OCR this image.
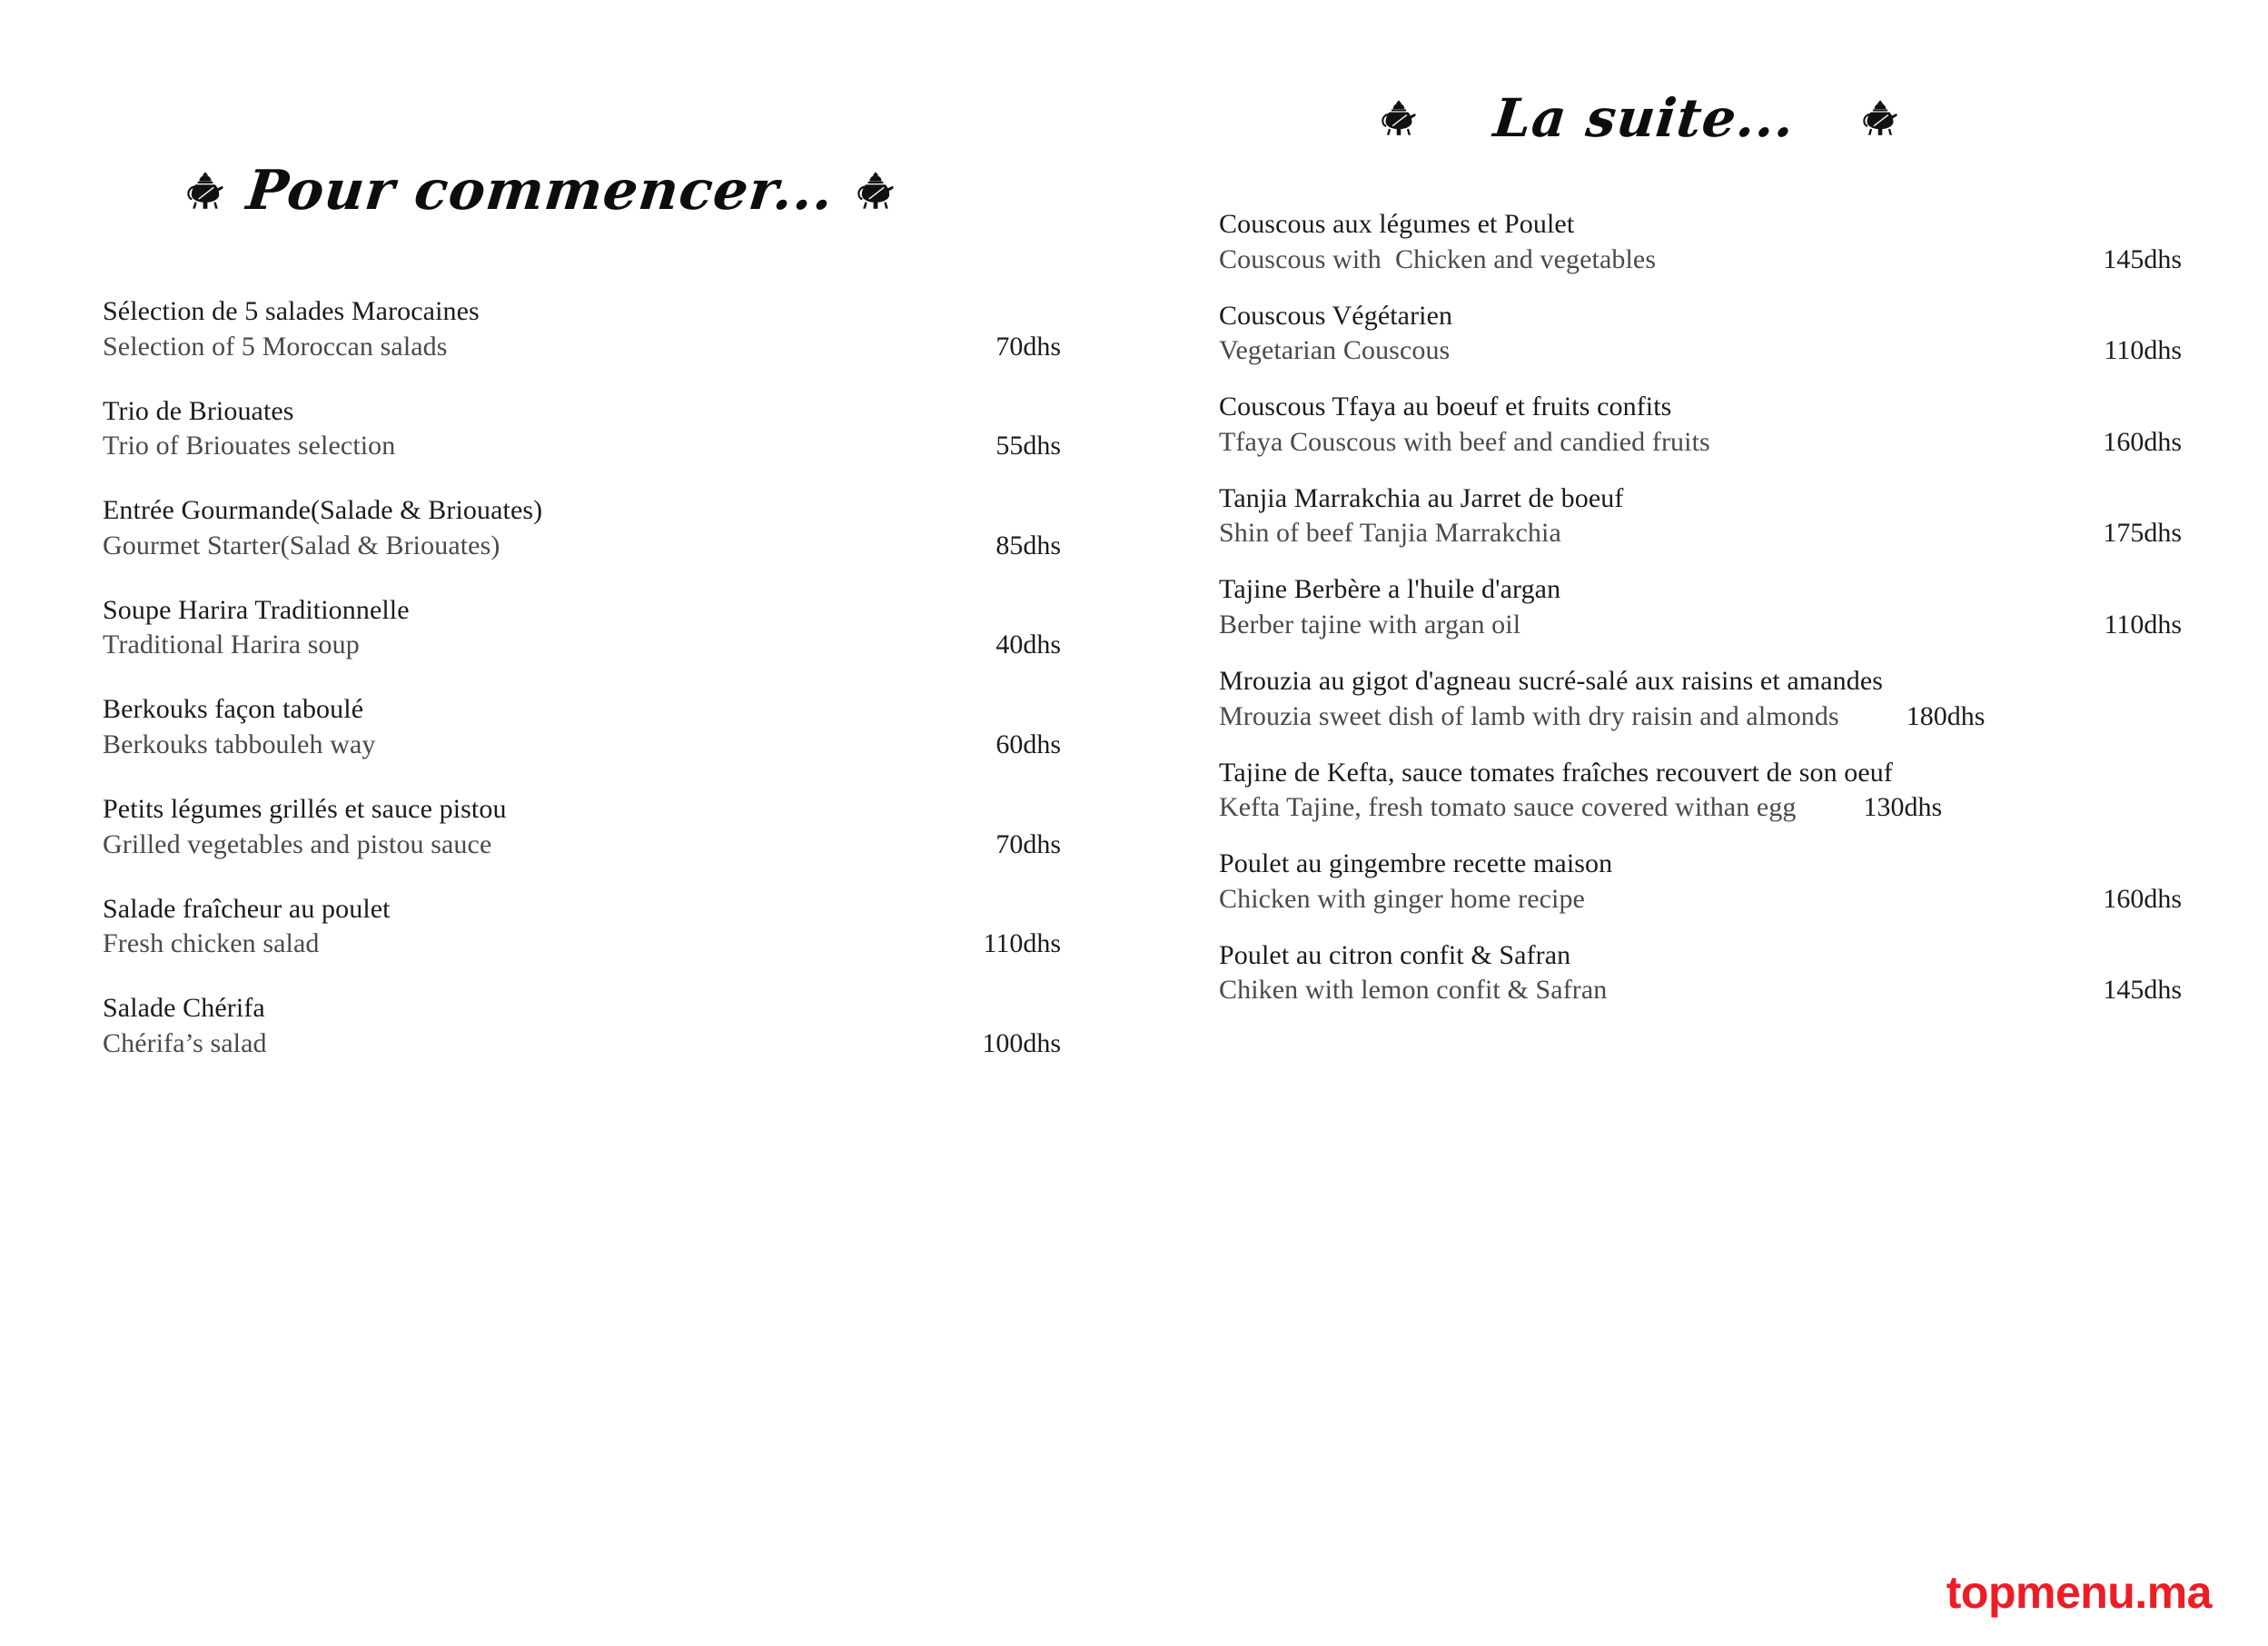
Pour commencer...
Sélection de 5 salades Marocaines
Selection of 5 Moroccan salads	70dhs
Trio de Briouates
Trio of Briouates selection	55dhs
Entrée Gourmande(Salade & Briouates)
Gourmet Starter(Salad & Briouates)	85dhs
Soupe Harira Traditionnelle
Traditional Harira soup	40dhs
Berkouks façon taboulé
Berkouks tabbouleh way	60dhs
Petits légumes grillés et sauce pistou
Grilled vegetables and pistou sauce	70dhs
Salade fraîcheur au poulet
Fresh chicken salad	110dhs
Salade Chérifa
Chérifa’s salad	100dhs
La suite...
Couscous aux légumes et Poulet
Couscous with  Chicken and vegetables	145dhs
Couscous Végétarien
Vegetarian Couscous	110dhs
Couscous Tfaya au boeuf et fruits confits
Tfaya Couscous with beef and candied fruits	160dhs
Tanjia Marrakchia au Jarret de boeuf
Shin of beef Tanjia Marrakchia	175dhs
Tajine Berbère a l'huile d'argan
Berber tajine with argan oil	110dhs
Mrouzia au gigot d'agneau sucré-salé aux raisins et amandes
Mrouzia sweet dish of lamb with dry raisin and almonds	180dhs
Tajine de Kefta, sauce tomates fraîches recouvert de son oeuf
Kefta Tajine, fresh tomato sauce covered withan egg	130dhs
Poulet au gingembre recette maison
Chicken with ginger home recipe	160dhs
Poulet au citron confit & Safran
Chiken with lemon confit & Safran	145dhs
topmenu.ma
